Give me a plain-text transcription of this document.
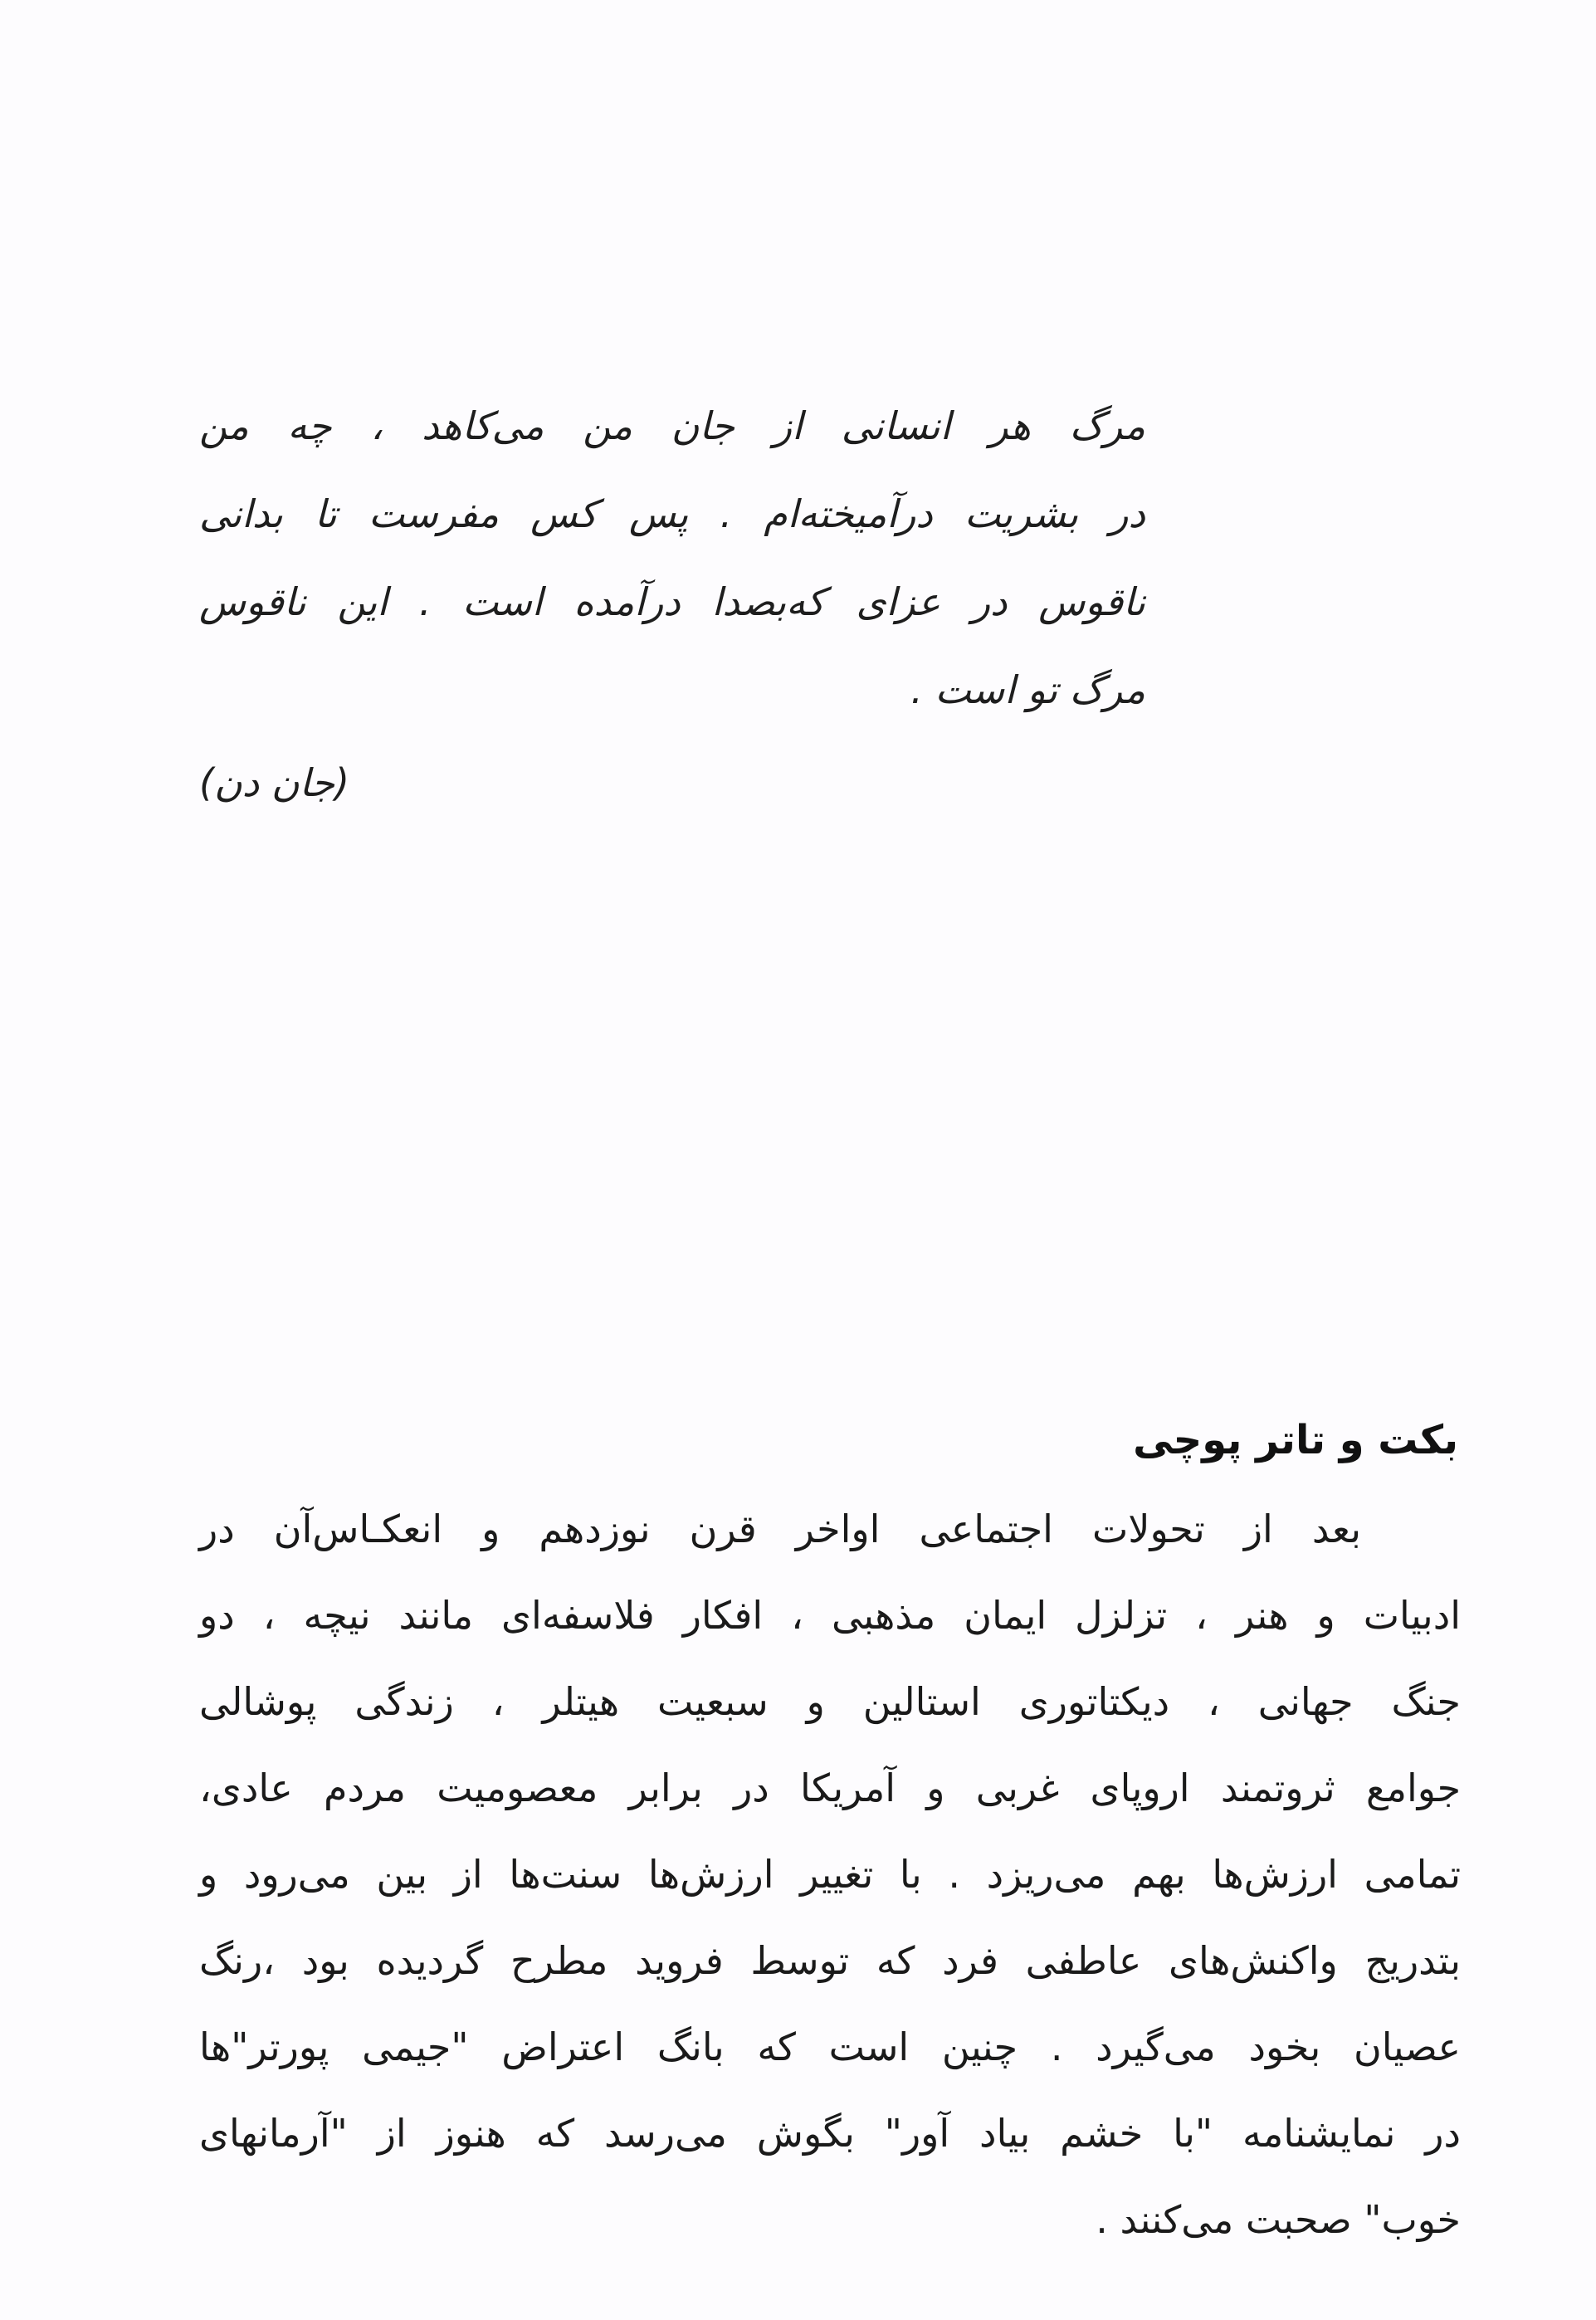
مرگ هر انسانی از جان من می‌کاهد ، چه من
در بشریت درآمیخته‌ام . پس کس مفرست تا بدانی
ناقوس در عزای که‌بصدا درآمده است . این ناقوس
مرگ تو است .
(جان دن)
بکت و تاتر پوچی
بعد از تحولات اجتماعی اواخر قرن نوزدهم و انعکـاس‌آن در
ادبیات و هنر ، تزلزل ایمان مذهبی ، افکار فلاسفه‌ای مانند نیچه ، دو
جنگ جهانی ، دیکتاتوری استالین و سبعیت هیتلر ، زندگی پوشالی
جوامع ثروتمند اروپای غربی و آمریکا در برابر معصومیت مردم عادی،
تمامی ارزش‌ها بهم می‌ریزد . با تغییر ارزش‌ها سنت‌ها از بین می‌رود و
بتدریج واکنش‌های عاطفی فرد که توسط فروید مطرح گردیده بود ،رنگ
عصیان بخود می‌گیرد . چنین است که بانگ اعتراض "جیمی پورتر"ها
در نمایشنامه "با خشم بیاد آور" بگوش می‌رسد که هنوز از "آرمانهای
خوب" صحبت می‌کنند .
